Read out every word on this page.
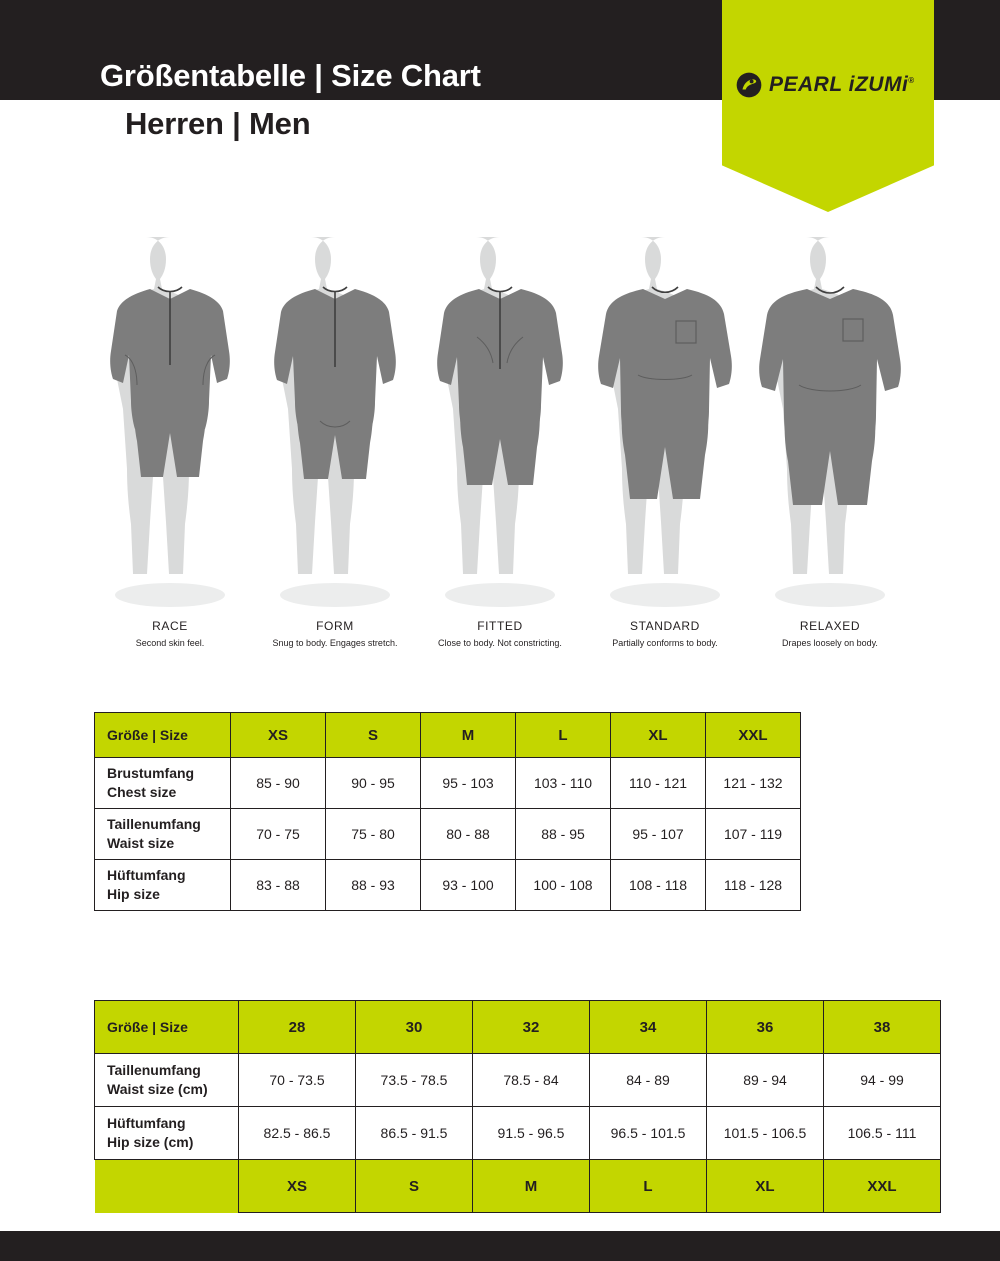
PEARL iZUMi®
Größentabelle | Size Chart
Herren | Men
RACE
Second skin feel.
FORM
Snug to body. Engages stretch.
FITTED
Close to body. Not constricting.
STANDARD
Partially conforms to body.
RELAXED
Drapes loosely on body.
Größe | Size	XS	S	M	L	XL	XXL

Brustumfang
Chest size	85 - 90	90 - 95	95 - 103	103 - 110	110 - 121	121 - 132

Taillenumfang
Waist size	70 - 75	75 - 80	80 - 88	88 - 95	95 - 107	107 - 119

Hüftumfang
Hip size	83 - 88	88 - 93	93 - 100	100 - 108	108 - 118	118 - 128
Größe | Size	28	30	32	34	36	38

Taillenumfang
Waist size (cm)	70 - 73.5	73.5 - 78.5	78.5 - 84	84 - 89	89 - 94	94 - 99

Hüftumfang
Hip size (cm)	82.5 - 86.5	86.5 - 91.5	91.5 - 96.5	96.5 - 101.5	101.5 - 106.5	106.5 - 111
	XS	S	M	L	XL	XXL
